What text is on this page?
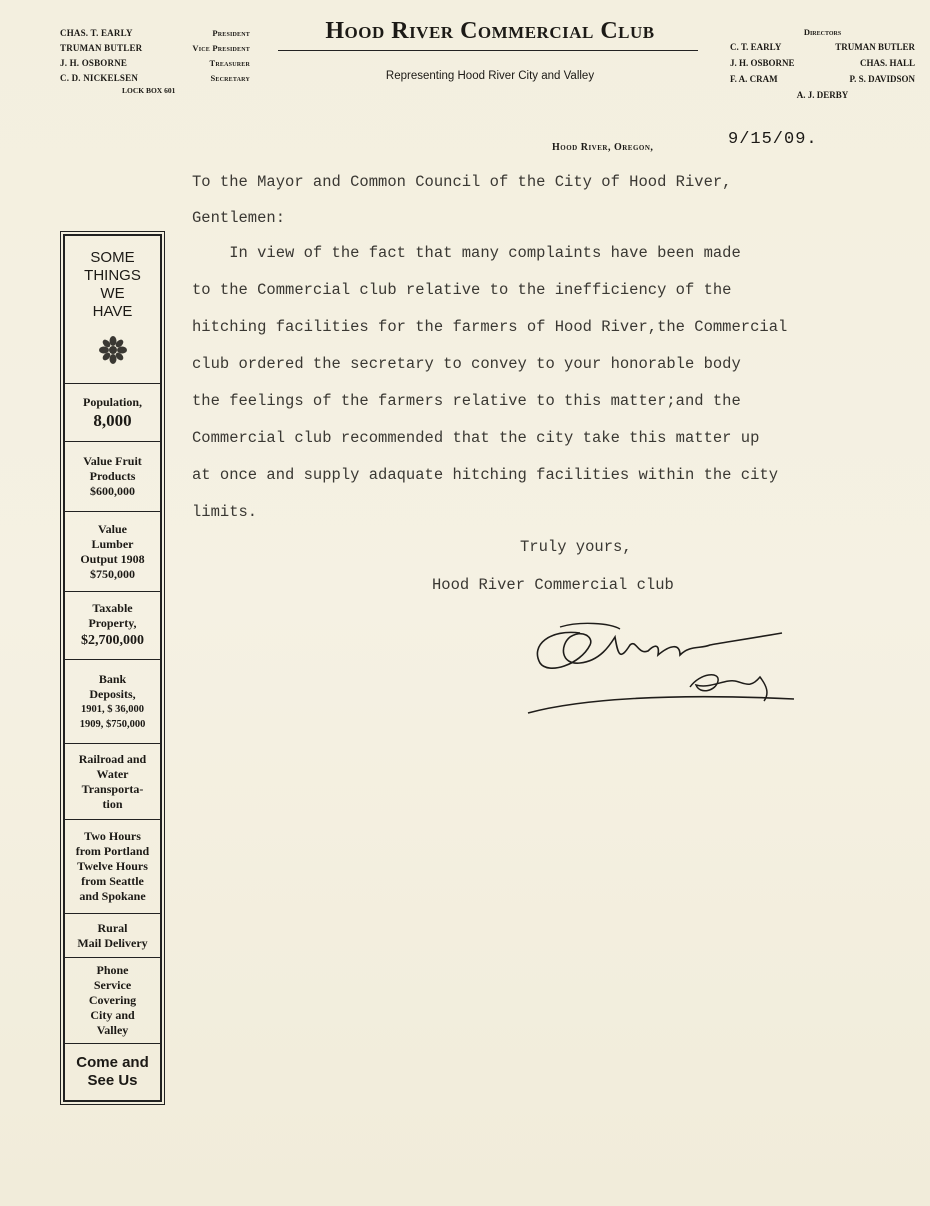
CHAS. T. EARLY	President
TRUMAN BUTLER	Vice President
J. H. OSBORNE	Treasurer
C. D. NICKELSEN	Secretary
LOCK BOX 601
Hood River Commercial Club
Representing Hood River City and Valley
Directors
C. T. EARLY	TRUMAN BUTLER
J. H. OSBORNE	CHAS. HALL
F. A. CRAM	P. S. DAVIDSON
A. J. DERBY
Hood River, Oregon,	9/15/09.
To the Mayor and Common Council of the City of Hood River,
Gentlemen:
In view of the fact that many complaints have been made
to the Commercial club relative to the inefficiency of the
hitching facilities for the farmers of Hood River,the Commercial
club ordered the secretary to convey to your honorable body
the feelings of the farmers relative to this matter;and the
Commercial club recommended that the city take this matter up
at once and supply adaquate hitching facilities within the city
limits.
Truly yours,
Hood River Commercial club
SOME
THINGS
WE
HAVE
Population,
8,000
Value Fruit
Products
$600,000
Value
Lumber
Output 1908
$750,000
Taxable
Property,
$2,700,000
Bank
Deposits,
1901, $ 36,000
1909, $750,000
Railroad and
Water
Transporta-
tion
Two Hours
from Portland
Twelve Hours
from Seattle
and Spokane
Rural
Mail Delivery
Phone
Service
Covering
City and
Valley
Come and
See Us
